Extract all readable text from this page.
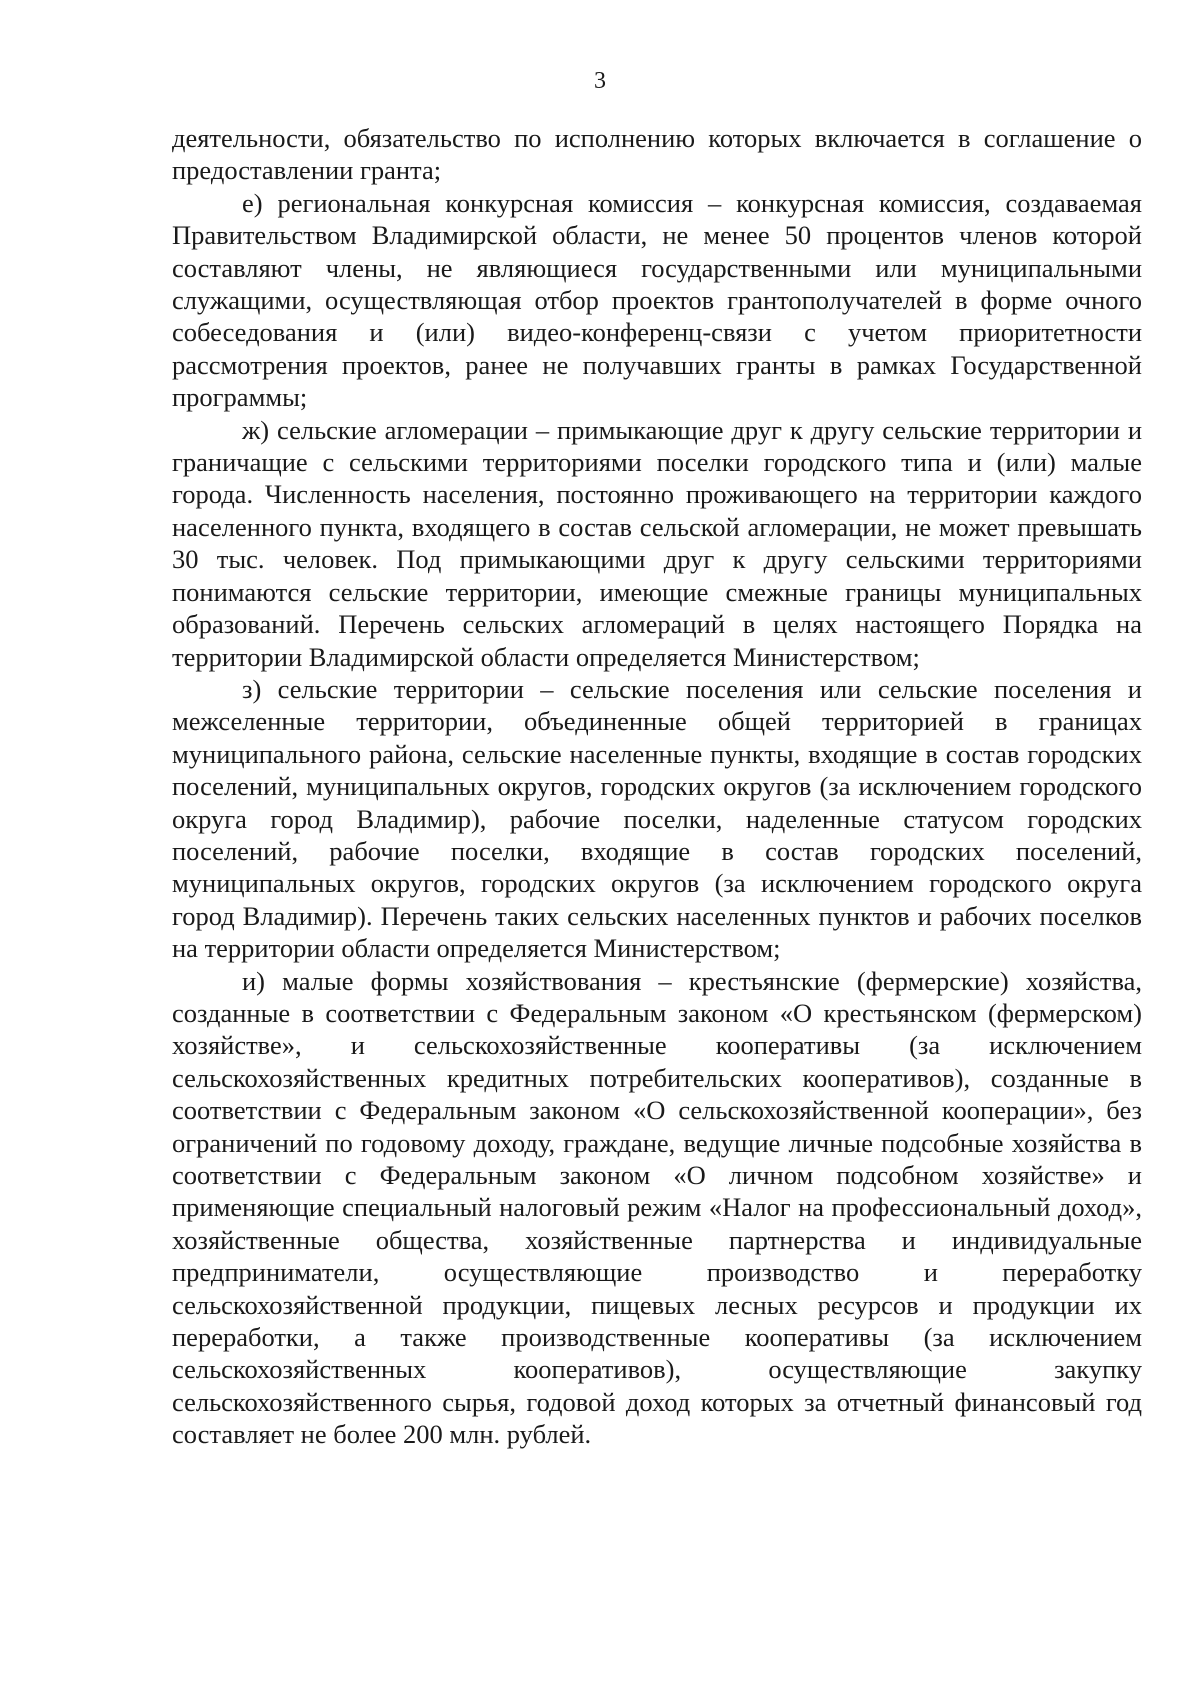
3

деятельности, обязательство по исполнению которых включается в соглашение о предоставлении гранта;

е) региональная конкурсная комиссия – конкурсная комиссия, создаваемая Правительством Владимирской области, не менее 50 процентов членов которой составляют члены, не являющиеся государственными или муниципальными служащими, осуществляющая отбор проектов грантополучателей в форме очного собеседования и (или) видео-конференц-связи с учетом приоритетности рассмотрения проектов, ранее не получавших гранты в рамках Государственной программы;

ж) сельские агломерации – примыкающие друг к другу сельские территории и граничащие с сельскими территориями поселки городского типа и (или) малые города. Численность населения, постоянно проживающего на территории каждого населенного пункта, входящего в состав сельской агломерации, не может превышать 30 тыс. человек. Под примыкающими друг к другу сельскими территориями понимаются сельские территории, имеющие смежные границы муниципальных образований. Перечень сельских агломераций в целях настоящего Порядка на территории Владимирской области определяется Министерством;

з) сельские территории – сельские поселения или сельские поселения и межселенные территории, объединенные общей территорией в границах муниципального района, сельские населенные пункты, входящие в состав городских поселений, муниципальных округов, городских округов (за исключением городского округа город Владимир), рабочие поселки, наделенные статусом городских поселений, рабочие поселки, входящие в состав городских поселений, муниципальных округов, городских округов (за исключением городского округа город Владимир). Перечень таких сельских населенных пунктов и рабочих поселков на территории области определяется Министерством;

и) малые формы хозяйствования – крестьянские (фермерские) хозяйства, созданные в соответствии с Федеральным законом «О крестьянском (фермерском) хозяйстве», и сельскохозяйственные кооперативы (за исключением сельскохозяйственных кредитных потребительских кооперативов), созданные в соответствии с Федеральным законом «О сельскохозяйственной кооперации», без ограничений по годовому доходу, граждане, ведущие личные подсобные хозяйства в соответствии с Федеральным законом «О личном подсобном хозяйстве» и применяющие специальный налоговый режим «Налог на профессиональный доход», хозяйственные общества, хозяйственные партнерства и индивидуальные предприниматели, осуществляющие производство и переработку сельскохозяйственной продукции, пищевых лесных ресурсов и продукции их переработки, а также производственные кооперативы (за исключением сельскохозяйственных кооперативов), осуществляющие закупку сельскохозяйственного сырья, годовой доход которых за отчетный финансовый год составляет не более 200 млн. рублей.
